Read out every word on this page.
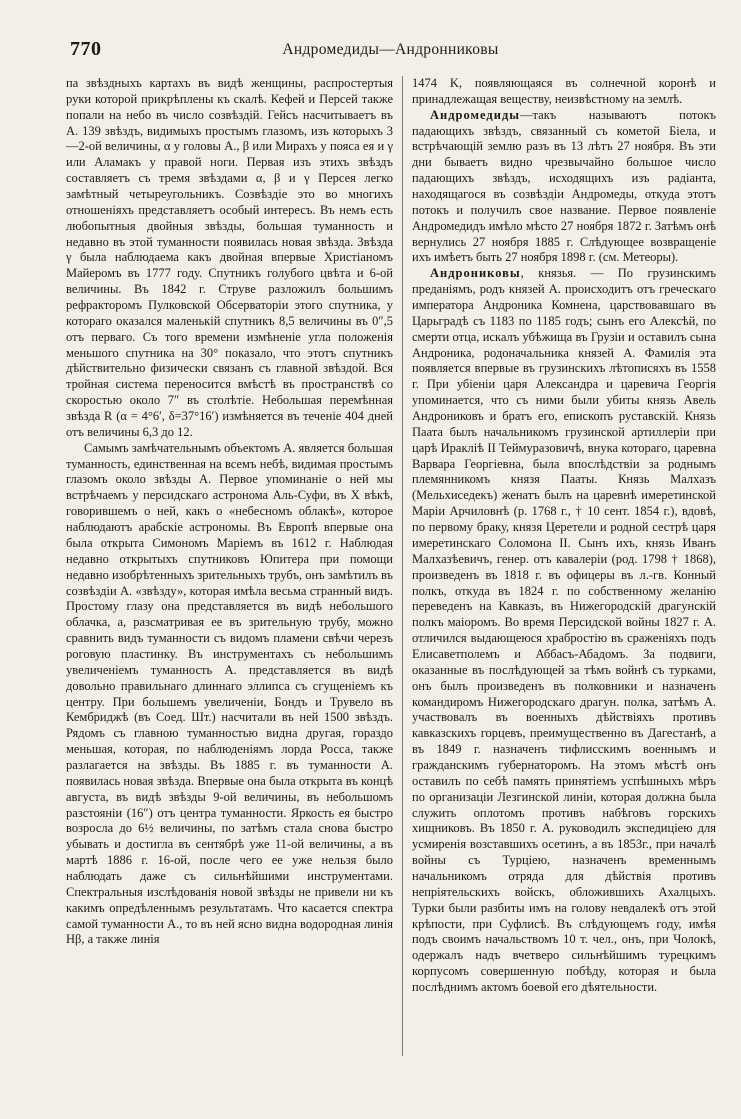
770	Андромедиды—Андронниковы

па звѣздныхъ картахъ въ видѣ женщины, распростертыя руки которой прикрѣплены къ скалѣ. Кефей и Персей также попали на небо въ число созвѣздій. Гейсъ насчитываетъ въ А. 139 звѣздъ, видимыхъ простымъ глазомъ, изъ которыхъ 3—2-ой величины, α у головы А., β или Мирахъ у пояса ея и γ или Аламакъ у правой ноги. Первая изъ этихъ звѣздъ составляетъ съ тремя звѣздами α, β и γ Персея легко замѣтный четыреугольникъ. Созвѣздіе это во многихъ отношеніяхъ представляетъ особый интересъ. Въ немъ есть любопытныя двойныя звѣзды, большая туманность и недавно въ этой туманности появилась новая звѣзда. Звѣзда γ была наблюдаема какъ двойная впервые Христіаномъ Майеромъ въ 1777 году. Спутникъ голубого цвѣта и 6-ой величины. Въ 1842 г. Струве разложилъ большимъ рефракторомъ Пулковской Обсерваторіи этого спутника, у котораго оказался маленькій спутникъ 8,5 величины въ 0″,5 отъ перваго. Съ того времени измѣненіе угла положенія меньшого спутника на 30° показало, что этотъ спутникъ дѣйствительно физически связанъ съ главной звѣздой. Вся тройная система переносится вмѣстѣ въ пространствѣ со скоростью около 7″ въ столѣтіе. Небольшая перемѣнная звѣзда R (α = 4°6′, δ=37°16′) измѣняется въ теченіе 404 дней отъ величины 6,3 до 12.

Самымъ замѣчательнымъ объектомъ А. является большая туманность, единственная на всемъ небѣ, видимая простымъ глазомъ около звѣзды А. Первое упоминаніе о ней мы встрѣчаемъ у персидскаго астронома Аль-Суфи, въ X вѣкѣ, говорившемъ о ней, какъ о «небесномъ облакѣ», которое наблюдаютъ арабскіе астрономы. Въ Европѣ впервые она была открыта Симономъ Маріемъ въ 1612 г. Наблюдая недавно открытыхъ спутниковъ Юпитера при помощи недавно изобрѣтенныхъ зрительныхъ трубъ, онъ замѣтилъ въ созвѣздіи А. «звѣзду», которая имѣла весьма странный видъ. Простому глазу она представляется въ видѣ небольшого облачка, а, разсматривая ее въ зрительную трубу, можно сравнить видъ туманности съ видомъ пламени свѣчи черезъ роговую пластинку. Въ инструментахъ съ небольшимъ увеличеніемъ туманность А. представляется въ видѣ довольно правильнаго длиннаго эллипса съ сгущеніемъ къ центру. При большемъ увеличеніи, Бондъ и Трувело въ Кембриджѣ (въ Соед. Шт.) насчитали въ ней 1500 звѣздъ. Рядомъ съ главною туманностью видна другая, гораздо меньшая, которая, по наблюденіямъ лорда Росса, также разлагается на звѣзды. Въ 1885 г. въ туманности А. появилась новая звѣзда. Впервые она была открыта въ концѣ августа, въ видѣ звѣзды 9-ой величины, въ небольшомъ разстояніи (16″) отъ центра туманности. Яркость ея быстро возросла до 6½ величины, по затѣмъ стала снова быстро убывать и достигла въ сентябрѣ уже 11-ой величины, а въ мартѣ 1886 г. 16-ой, после чего ее уже нельзя было наблюдать даже съ сильнѣйшими инструментами. Спектральныя изслѣдованія новой звѣзды не привели ни къ какимъ опредѣленнымъ результатамъ. Что касается спектра самой туманности А., то въ ней ясно видна водородная линія Hβ, а также линія

1474 K, появляющаяся въ солнечной коронѣ и принадлежащая веществу, неизвѣстному на землѣ.

Андромедиды—такъ называютъ потокъ падающихъ звѣздъ, связанный съ кометой Біела, и встрѣчающій землю разъ въ 13 лѣтъ 27 ноября. Въ эти дни бываетъ видно чрезвычайно большое число падающихъ звѣздъ, исходящихъ изъ радіанта, находящагося въ созвѣздіи Андромеды, откуда этотъ потокъ и получилъ свое название. Первое появленіе Андромедидъ имѣло мѣсто 27 ноября 1872 г. Затѣмъ онѣ вернулись 27 ноября 1885 г. Слѣдующее возвращеніе ихъ имѣетъ быть 27 ноября 1898 г. (см. Метеоры).

Андрониковы, князья. — По грузинскимъ преданіямъ, родъ князей А. происходитъ отъ греческаго императора Андроника Комнена, царствовавшаго въ Царьградѣ съ 1183 по 1185 годъ; сынъ его Алексѣй, по смерти отца, искалъ убѣжища въ Грузіи и оставилъ сына Андроника, родоначальника князей А. Фамилія эта появляется впервые въ грузинскихъ лѣтописяхъ въ 1558 г. При убіеніи царя Александра и царевича Георгія упоминается, что съ ними были убиты князь Авель Андрониковъ и братъ его, епископъ руставскій. Князь Паата былъ начальникомъ грузинской артиллеріи при царѣ Иракліѣ II Теймуразовичѣ, внука котораго, царевна Варвара Георгіевна, была впослѣдствіи за роднымъ племянникомъ князя Пааты. Князь Малхазъ (Мельхиседекъ) женатъ былъ на царевнѣ имеретинской Маріи Арчиловнѣ (р. 1768 г., † 10 сент. 1854 г.), вдовѣ, по первому браку, князя Церетели и родной сестрѣ царя имеретинскаго Соломона II. Сынъ ихъ, князь Иванъ Малхазѣевичъ, генер. отъ кавалеріи (род. 1798 † 1868), произведенъ въ 1818 г. въ офицеры въ л.-гв. Конный полкъ, откуда въ 1824 г. по собственному желанію переведенъ на Кавказъ, въ Нижегородскій драгунскій полкъ маіоромъ. Во время Персидской войны 1827 г. А. отличился выдающеюся храбростію въ сраженіяхъ подъ Елисаветполемъ и Аббасъ-Абадомъ. За подвиги, оказанные въ послѣдующей за тѣмъ войнѣ съ турками, онъ былъ произведенъ въ полковники и назначенъ командиромъ Нижегородскаго драгун. полка, затѣмъ А. участвовалъ въ военныхъ дѣйствіяхъ противъ кавказскихъ горцевъ, преимущественно въ Дагестанѣ, а въ 1849 г. назначенъ тифлисскимъ военнымъ и гражданскимъ губернаторомъ. На этомъ мѣстѣ онъ оставилъ по себѣ память принятіемъ успѣшныхъ мѣръ по организаціи Лезгинской линіи, которая должна была служить оплотомъ противъ набѣговъ горскихъ хищниковъ. Въ 1850 г. А. руководилъ экспедиціею для усмиренія возставшихъ осетинъ, а въ 1853г., при началѣ войны съ Турціею, назначенъ временнымъ начальникомъ отряда для дѣйствія противъ непріятельскихъ войскъ, обложившихъ Ахалцыхъ. Турки были разбиты имъ на голову невдалекѣ отъ этой крѣпости, при Суфлисѣ. Въ слѣдующемъ году, имѣя подъ своимъ начальствомъ 10 т. чел., онъ, при Чолокѣ, одержалъ надъ вчетверо сильнѣйшимъ турецкимъ корпусомъ совершенную побѣду, которая и была послѣднимъ актомъ боевой его дѣятельности.
